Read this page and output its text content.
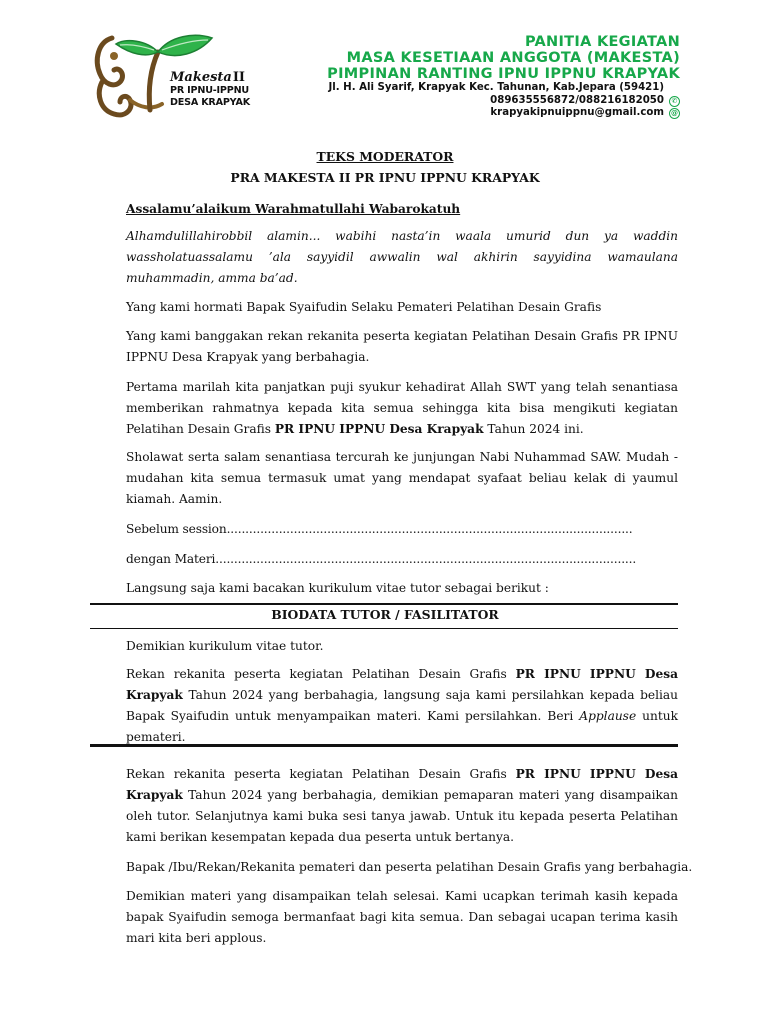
MakestaII
PR IPNU-IPPNU
DESA KRAPYAK
PANITIA KEGIATAN
MASA KESETIAAN ANGGOTA (MAKESTA)
PIMPINAN RANTING IPNU IPPNU KRAPYAK
Jl. H. Ali Syarif, Krapyak Kec. Tahunan, Kab.Jepara (59421)
089635556872/088216182050	✆
krapyakipnuippnu@gmail.com @
TEKS MODERATOR
PRA MAKESTA II PR IPNU IPPNU KRAPYAK
Assalamu’alaikum Warahmatullahi Wabarokatuh
Alhamdulillahirobbil alamin... wabihi nasta’in waala umurid dun ya waddin wassholatuassalamu ’ala sayyidil awwalin wal akhirin sayyidina wamaulana muhammadin, amma ba’ad.
Yang kami hormati Bapak Syaifudin Selaku Pemateri Pelatihan Desain Grafis
Yang kami banggakan rekan rekanita peserta kegiatan Pelatihan Desain Grafis PR IPNU IPPNU Desa Krapyak yang berbahagia.
Pertama marilah kita panjatkan puji syukur kehadirat Allah SWT yang telah senantiasa memberikan rahmatnya kepada kita semua sehingga kita bisa mengikuti kegiatan Pelatihan Desain Grafis PR IPNU IPPNU Desa Krapyak Tahun 2024 ini.
Sholawat serta salam senantiasa tercurah ke junjungan Nabi Nuhammad SAW. Mudah - mudahan kita semua termasuk umat yang mendapat syafaat beliau kelak di yaumul kiamah. Aamin.
Sebelum session.............................................................................................................
dengan Materi.................................................................................................................
Langsung saja kami bacakan kurikulum vitae tutor sebagai berikut :
BIODATA TUTOR / FASILITATOR
Demikian kurikulum vitae tutor.
Rekan rekanita peserta kegiatan Pelatihan Desain Grafis PR IPNU IPPNU Desa Krapyak Tahun 2024 yang berbahagia, langsung saja kami persilahkan kepada beliau Bapak Syaifudin untuk menyampaikan materi. Kami persilahkan. Beri Applause untuk pemateri.
Rekan rekanita peserta kegiatan Pelatihan Desain Grafis PR IPNU IPPNU Desa Krapyak Tahun 2024 yang berbahagia, demikian pemaparan materi yang disampaikan oleh tutor. Selanjutnya kami buka sesi tanya jawab. Untuk itu kepada peserta Pelatihan kami berikan kesempatan kepada dua peserta untuk bertanya.
Bapak /Ibu/Rekan/Rekanita pemateri dan peserta pelatihan Desain Grafis yang berbahagia.
Demikian materi yang disampaikan telah selesai. Kami ucapkan terimah kasih kepada bapak Syaifudin semoga bermanfaat bagi kita semua. Dan sebagai ucapan terima kasih mari kita beri applous.
